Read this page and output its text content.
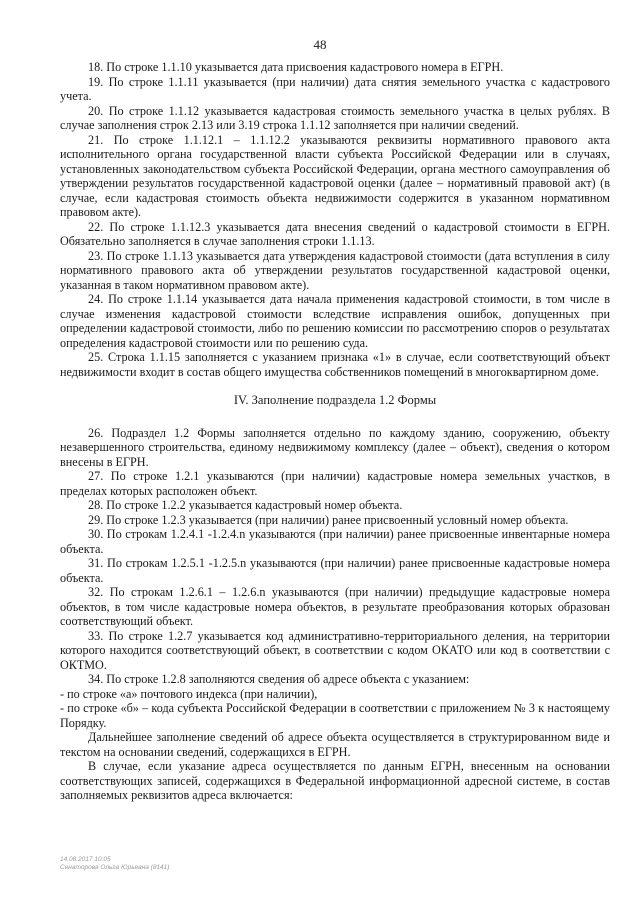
48

18. По строке 1.1.10 указывается дата присвоения кадастрового номера в ЕГРН.

19. По строке 1.1.11 указывается (при наличии) дата снятия земельного участка с кадастрового учета.

20. По строке 1.1.12 указывается кадастровая стоимость земельного участка в целых рублях. В случае заполнения строк 2.13 или 3.19 строка 1.1.12 заполняется при наличии сведений.

21. По строке 1.1.12.1 – 1.1.12.2 указываются реквизиты нормативного правового акта исполнительного органа государственной власти субъекта Российской Федерации или в случаях, установленных законодательством субъекта Российской Федерации, органа местного самоуправления об утверждении результатов государственной кадастровой оценки (далее – нормативный правовой акт) (в случае, если кадастровая стоимость объекта недвижимости содержится в указанном нормативном правовом акте).

22. По строке 1.1.12.3 указывается дата внесения сведений о кадастровой стоимости в ЕГРН. Обязательно заполняется в случае заполнения строки 1.1.13.

23. По строке 1.1.13 указывается дата утверждения кадастровой стоимости (дата вступления в силу нормативного правового акта об утверждении результатов государственной кадастровой оценки, указанная в таком нормативном правовом акте).

24. По строке 1.1.14 указывается дата начала применения кадастровой стоимости, в том числе в случае изменения кадастровой стоимости вследствие исправления ошибок, допущенных при определении кадастровой стоимости, либо по решению комиссии по рассмотрению споров о результатах определения кадастровой стоимости или по решению суда.

25. Строка 1.1.15 заполняется с указанием признака «1» в случае, если соответствующий объект недвижимости входит в состав общего имущества собственников помещений в многоквартирном доме.

IV. Заполнение подраздела 1.2 Формы

26. Подраздел 1.2 Формы заполняется отдельно по каждому зданию, сооружению, объекту незавершенного строительства, единому недвижимому комплексу (далее – объект), сведения о котором внесены в ЕГРН.

27. По строке 1.2.1 указываются (при наличии) кадастровые номера земельных участков, в пределах которых расположен объект.

28. По строке 1.2.2 указывается кадастровый номер объекта.

29. По строке 1.2.3 указывается (при наличии) ранее присвоенный условный номер объекта.

30. По строкам 1.2.4.1 -1.2.4.n указываются (при наличии) ранее присвоенные инвентарные номера объекта.

31. По строкам 1.2.5.1 -1.2.5.n указываются (при наличии) ранее присвоенные кадастровые номера объекта.

32. По строкам 1.2.6.1 – 1.2.6.n указываются (при наличии) предыдущие кадастровые номера объектов, в том числе кадастровые номера объектов, в результате преобразования которых образован соответствующий объект.

33. По строке 1.2.7 указывается код административно-территориального деления, на территории которого находится соответствующий объект, в соответствии с кодом ОКАТО или код в соответствии с ОКТМО.

34. По строке 1.2.8 заполняются сведения об адресе объекта с указанием:

- по строке «а» почтового индекса (при наличии),

- по строке «б» – кода субъекта Российской Федерации в соответствии с приложением № 3 к настоящему Порядку.

Дальнейшее заполнение сведений об адресе объекта осуществляется в структурированном виде и текстом на основании сведений, содержащихся в ЕГРН.

В случае, если указание адреса осуществляется по данным ЕГРН, внесенным на основании соответствующих записей, содержащихся в Федеральной информационной адресной системе, в состав заполняемых реквизитов адреса включается:

14.08.2017 10:05
Сенаторова Ольга Юрьевна (8141)
